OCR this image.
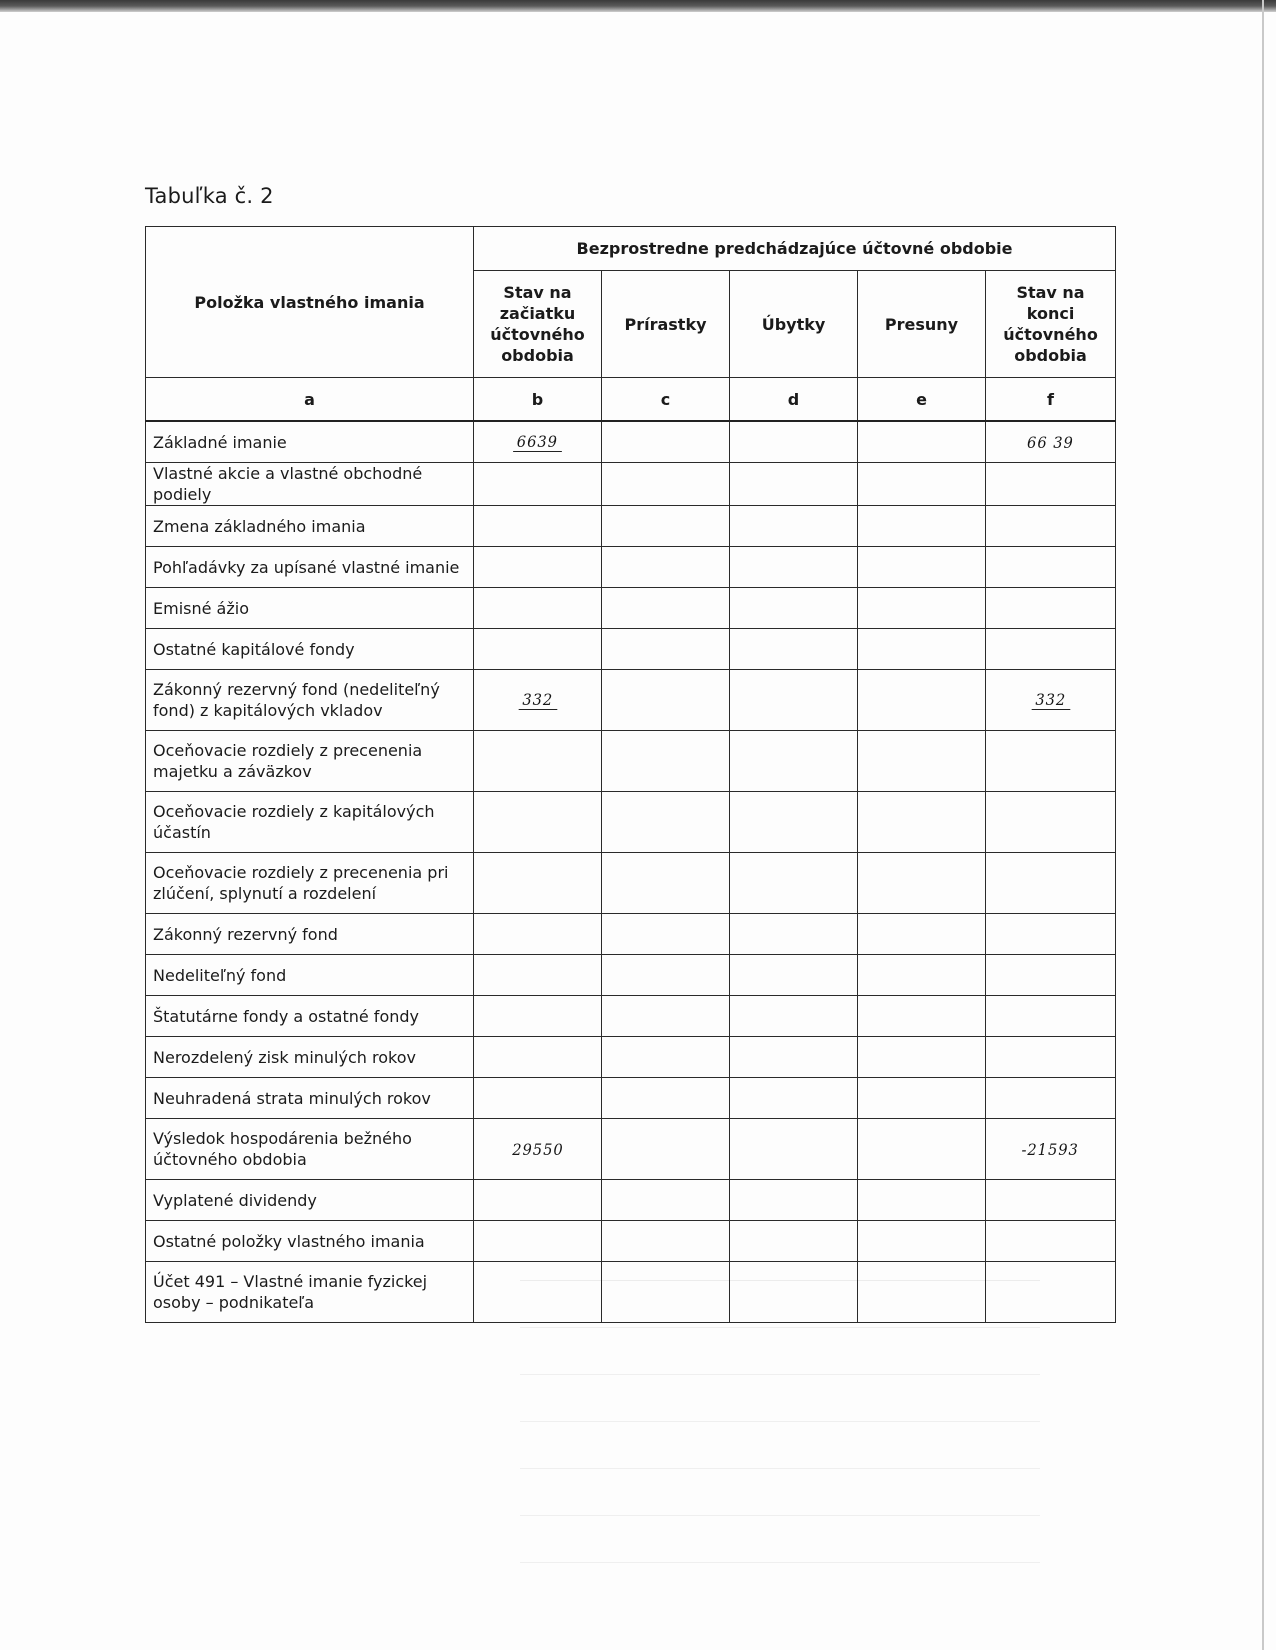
Tabuľka č. 2
Položka vlastného imania	Bezprostredne predchádzajúce účtovné obdobie				
	Stav na začiatku účtovného obdobia	Prírastky	Úbytky	Presuny	Stav na konci účtovného obdobia
a	b	c	d	e	f
Základné imanie	6639				66 39
Vlastné akcie a vlastné obchodné podiely					
Zmena základného imania					
Pohľadávky za upísané vlastné imanie					
Emisné ážio					
Ostatné kapitálové fondy					
Zákonný rezervný fond (nedeliteľný fond) z kapitálových vkladov	332				332
Oceňovacie rozdiely z precenenia majetku a záväzkov					
Oceňovacie rozdiely z kapitálových účastín					
Oceňovacie rozdiely z precenenia pri zlúčení, splynutí a rozdelení					
Zákonný rezervný fond					
Nedeliteľný fond					
Štatutárne fondy a ostatné fondy					
Nerozdelený zisk minulých rokov					
Neuhradená strata minulých rokov					
Výsledok hospodárenia bežného účtovného obdobia	29550				-21593
Vyplatené dividendy					
Ostatné položky vlastného imania					
Účet 491 – Vlastné imanie fyzickej osoby – podnikateľa					
